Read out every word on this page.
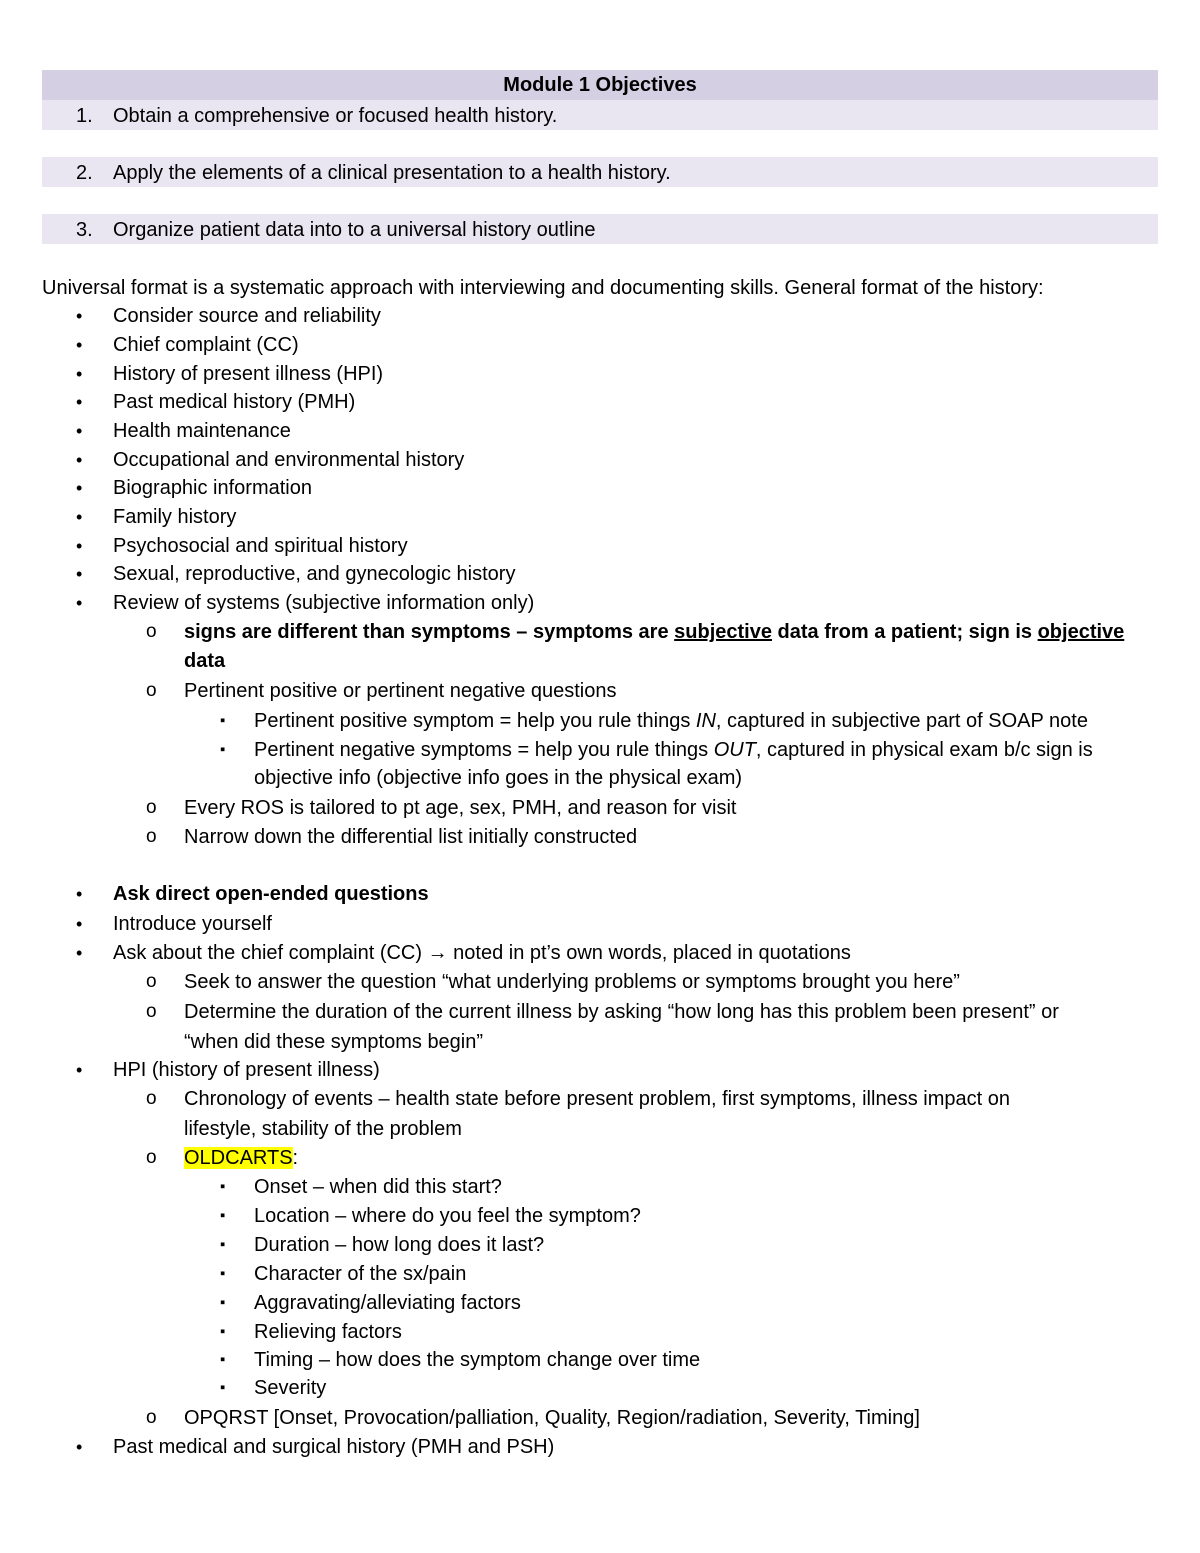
Module 1 Objectives
1. Obtain a comprehensive or focused health history.
2. Apply the elements of a clinical presentation to a health history.
3. Organize patient data into to a universal history outline
Universal format is a systematic approach with interviewing and documenting skills. General format of the history:
• Consider source and reliability
• Chief complaint (CC)
• History of present illness (HPI)
• Past medical history (PMH)
• Health maintenance
• Occupational and environmental history
• Biographic information
• Family history
• Psychosocial and spiritual history
• Sexual, reproductive, and gynecologic history
• Review of systems (subjective information only)
o signs are different than symptoms – symptoms are subjective data from a patient; sign is objective
data
o Pertinent positive or pertinent negative questions
▪ Pertinent positive symptom = help you rule things IN, captured in subjective part of SOAP note
▪ Pertinent negative symptoms = help you rule things OUT, captured in physical exam b/c sign is
objective info (objective info goes in the physical exam)
o Every ROS is tailored to pt age, sex, PMH, and reason for visit
o Narrow down the differential list initially constructed
• Ask direct open-ended questions
• Introduce yourself
• Ask about the chief complaint (CC) → noted in pt’s own words, placed in quotations
o Seek to answer the question “what underlying problems or symptoms brought you here”
o Determine the duration of the current illness by asking “how long has this problem been present” or
“when did these symptoms begin”
• HPI (history of present illness)
o Chronology of events – health state before present problem, first symptoms, illness impact on
lifestyle, stability of the problem
o OLDCARTS:
▪ Onset – when did this start?
▪ Location – where do you feel the symptom?
▪ Duration – how long does it last?
▪ Character of the sx/pain
▪ Aggravating/alleviating factors
▪ Relieving factors
▪ Timing – how does the symptom change over time
▪ Severity
o OPQRST [Onset, Provocation/palliation, Quality, Region/radiation, Severity, Timing]
• Past medical and surgical history (PMH and PSH)
